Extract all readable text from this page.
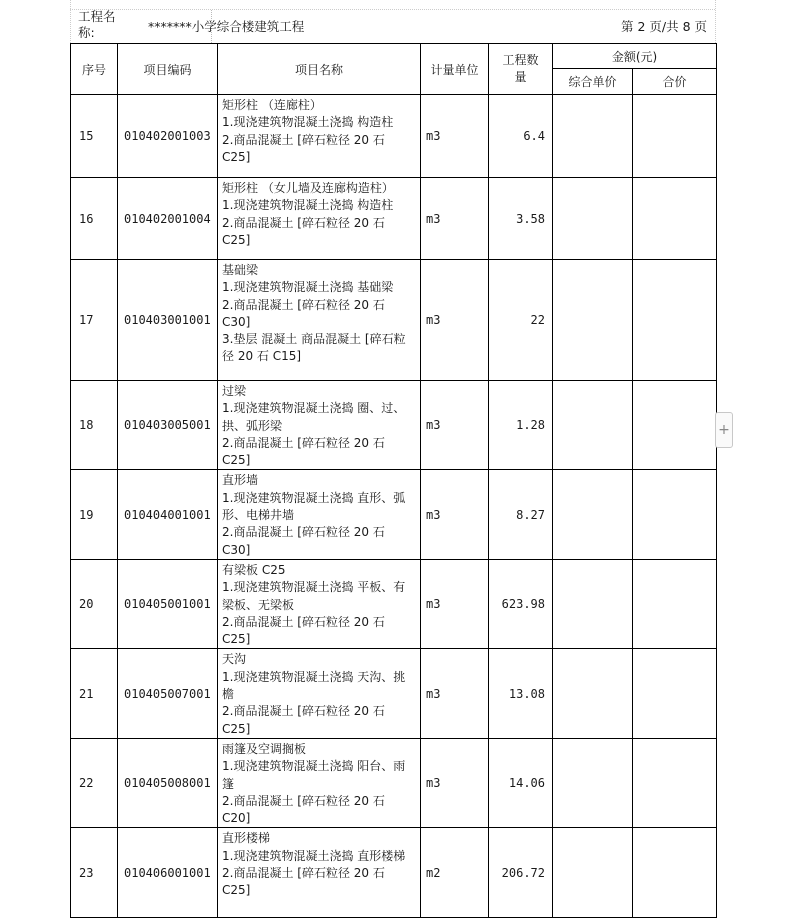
工程名称:	*******小学综合楼建筑工程	第 2 页/共 8 页
序号	项目编码	项目名称	计量单位	工程数量	金额(元)	
					综合单价	合价
15	010402001003	矩形柱 （连廊柱）
1.现浇建筑物混凝土浇捣 构造柱
2.商品混凝土 [碎石粒径 20 石 C25]	m3	6.4		
16	010402001004	矩形柱 （女儿墙及连廊构造柱）
1.现浇建筑物混凝土浇捣 构造柱
2.商品混凝土 [碎石粒径 20 石 C25]	m3	3.58		
17	010403001001	基础梁
1.现浇建筑物混凝土浇捣 基础梁
2.商品混凝土 [碎石粒径 20 石 C30]
3.垫层 混凝土 商品混凝土 [碎石粒径 20 石 C15]	m3	22		
18	010403005001	过梁
1.现浇建筑物混凝土浇捣 圈、过、拱、弧形梁
2.商品混凝土 [碎石粒径 20 石 C25]	m3	1.28		
19	010404001001	直形墙
1.现浇建筑物混凝土浇捣 直形、弧形、电梯井墙
2.商品混凝土 [碎石粒径 20 石 C30]	m3	8.27		
20	010405001001	有梁板 C25
1.现浇建筑物混凝土浇捣 平板、有梁板、无梁板
2.商品混凝土 [碎石粒径 20 石 C25]	m3	623.98		
21	010405007001	天沟
1.现浇建筑物混凝土浇捣 天沟、挑檐
2.商品混凝土 [碎石粒径 20 石 C25]	m3	13.08		
22	010405008001	雨篷及空调搁板
1.现浇建筑物混凝土浇捣 阳台、雨篷
2.商品混凝土 [碎石粒径 20 石 C20]	m3	14.06		
23	010406001001	直形楼梯
1.现浇建筑物混凝土浇捣 直形楼梯
2.商品混凝土 [碎石粒径 20 石 C25]	m2	206.72		
+
